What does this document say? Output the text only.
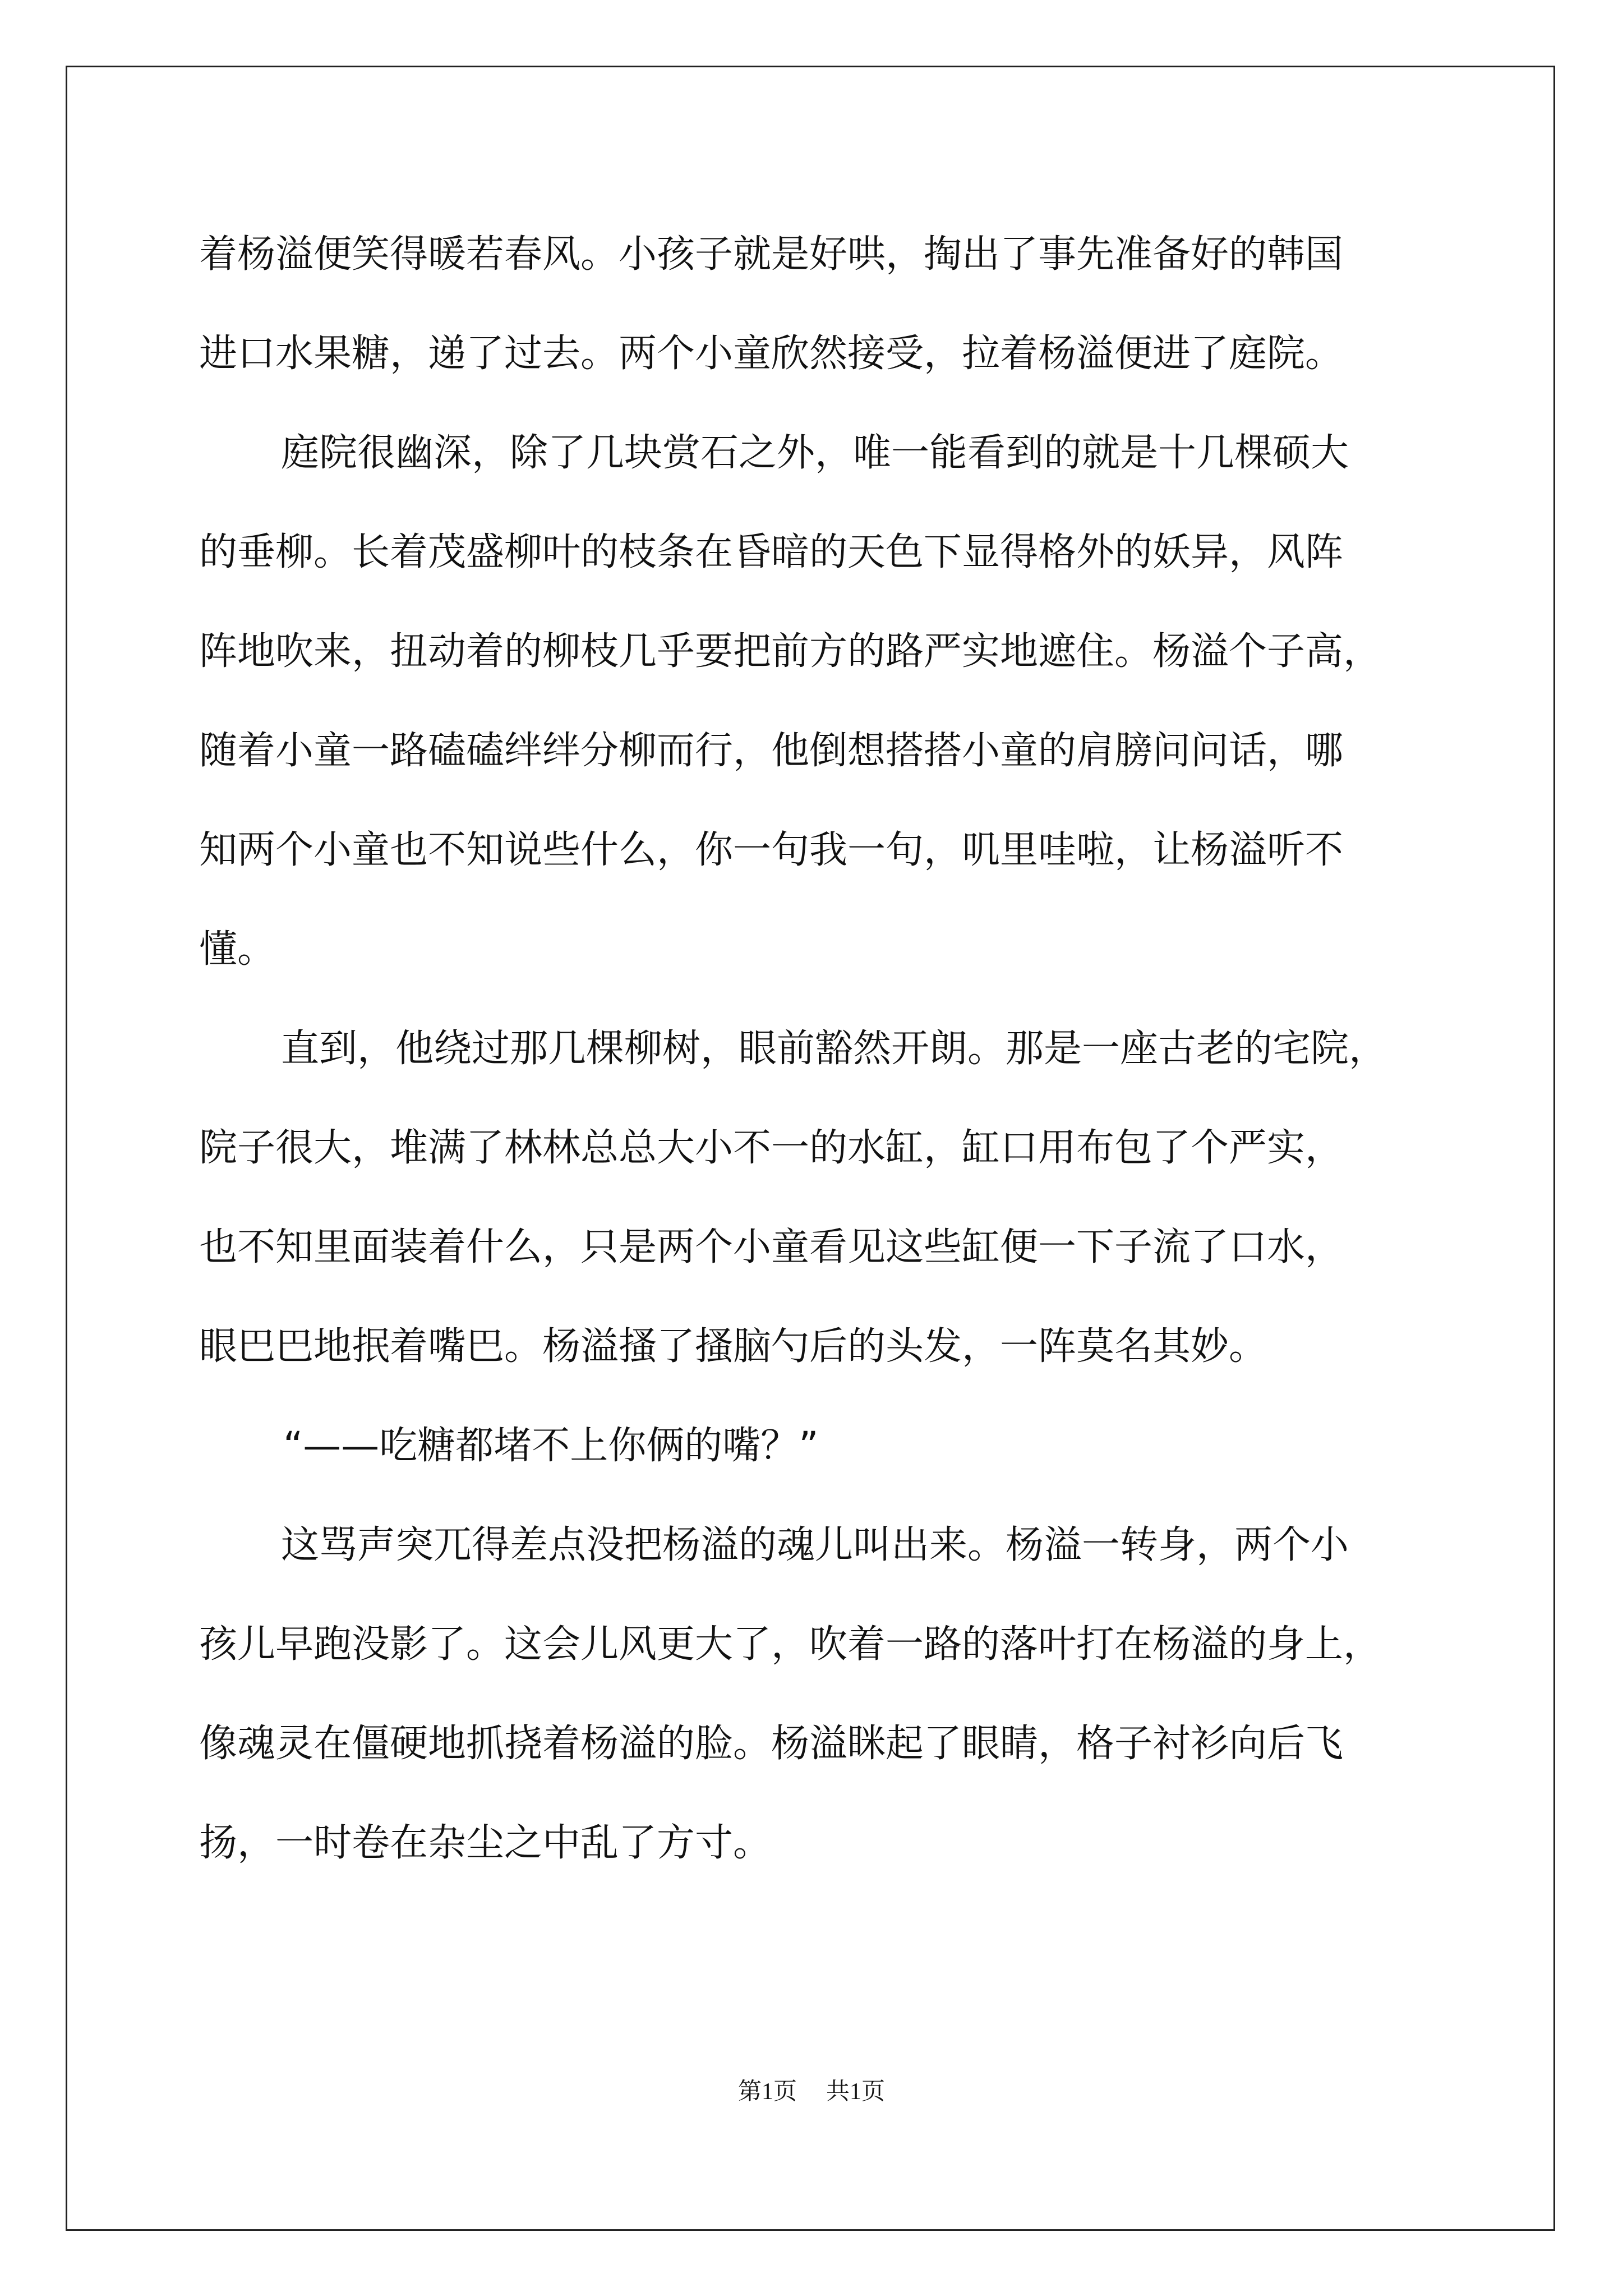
着杨溢便笑得暖若春风。小孩子就是好哄，掏出了事先准备好的韩国
进口水果糖，递了过去。两个小童欣然接受，拉着杨溢便进了庭院。
庭院很幽深，除了几块赏石之外，唯一能看到的就是十几棵硕大
的垂柳。长着茂盛柳叶的枝条在昏暗的天色下显得格外的妖异，风阵
阵地吹来，扭动着的柳枝几乎要把前方的路严实地遮住。杨溢个子高，
随着小童一路磕磕绊绊分柳而行，他倒想搭搭小童的肩膀问问话，哪
知两个小童也不知说些什么，你一句我一句，叽里哇啦，让杨溢听不
懂。
直到，他绕过那几棵柳树，眼前豁然开朗。那是一座古老的宅院，
院子很大，堆满了林林总总大小不一的水缸，缸口用布包了个严实，
也不知里面装着什么，只是两个小童看见这些缸便一下子流了口水，
眼巴巴地抿着嘴巴。杨溢搔了搔脑勺后的头发，一阵莫名其妙。
“——吃糖都堵不上你俩的嘴？”
这骂声突兀得差点没把杨溢的魂儿叫出来。杨溢一转身，两个小
孩儿早跑没影了。这会儿风更大了，吹着一路的落叶打在杨溢的身上，
像魂灵在僵硬地抓挠着杨溢的脸。杨溢眯起了眼睛，格子衬衫向后飞
扬，一时卷在杂尘之中乱了方寸。
第1页 共1页
